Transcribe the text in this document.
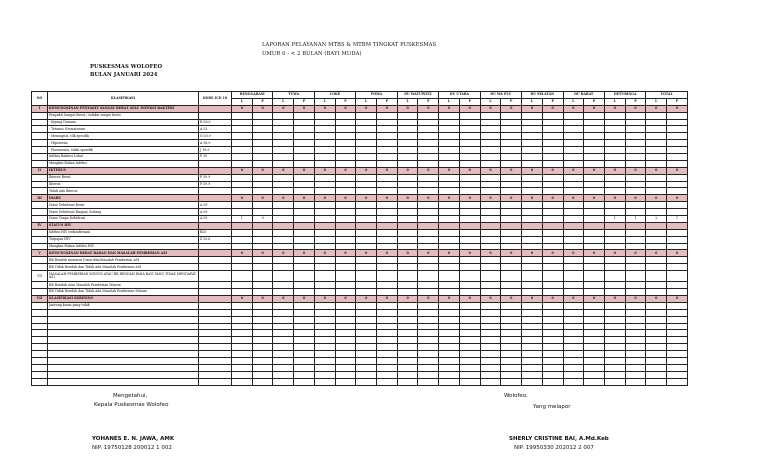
LAPORAN PELAYANAN MTBS & MTBM TINGKAT PUSKESMAS
UMUR 0 - < 2 BULAN (BAYI MUDA)
PUSKESMAS WOLOFEO
BULAN JANUARI 2024
NO	KLASIFIKASI	KODE ICD 10	RENGGARASI		TUWA		LOKE		POMA		DU WATUWETI		DU UTARA		DU WA PLU		DU SELATAN		DU BARAT		DETURINGA		TOTAL	
			L	P	L	P	L	P	L	P	L	P	L	P	L	P	L	P	L	P	L	P	L	P
I	KEMUNGKINAN PENYAKIT SANGAT BERAT ATAU INFEKSI BAKTERI		0	0	0	0	0	0	0	0	0	0	0	0	0	0	0	0	0	0	0	0	0	0
	Penyakit Sangat Berat / Infeksi sangat berat																							
	- Kejang Demam	R 56.0																						
	- Tetanus Neonatorum	A 33																						
	- Meningitis, tdk spesifik	G 03.9																						
	- Hipotermi	A 36.9																						
	- Pneumonia, tidak spesifik	J 18.9																						
	Infeksi Bakteri Lokal	P 39																						
	Mungkin Bukan Infeksi																							
II	IKTERUS		0	0	0	0	0	0	0	0	0	0	0	0	0	0	0	0	0	0	0	0	0	0
	Ikterus Berat	P 59.9																						
	Ikterus	P 59.9																						
	Tidak ada Ikterus																							
III	DIARE		0	0	0	0	0	0	0	0	0	0	0	0	0	0	0	0	0	0	0	0	0	0
	Diare Dehidrasi Berat	A 09																						
	Diare Dehidrasi Ringan/ Sedang	A 09																						
	Diare Tanpa Dehidrasi	A 09	1	0																	1	1	2	1
IV	STATUS HIV																							
	Infeksi HIV terkonfirmasi	B20																						
	Terpajan HIV	Z 20.6																						
	Mungkin Bukan Infeksi HIV																							
V	KEMUNGKINAN BERAT BADAN DAN MASALAH PEMBERIAN ASI		0	0	0	0	0	0	0	0	0	0	0	0	0	0	0	0	0	0	0	0	0	0
	BB Rendah menurut Umur dan/Masalah Pemberian ASI																							
	BB Tidak Rendah dan Tidak Ada Masalah Pemberian ASI																							
VII	MASALAH PEMBERIAN MINUM ATAU BB RENDAH PADA BAYI YANG TIDAK MENDAPAT ASI																							
	BB Rendah atau Masalah Pemberian Minum																							
	BB Tidak Rendah dan Tidak Ada Masalah Pemberian Minum																							
VII	KLASIFIKASI SKRINING		0	0	0	0	0	0	0	0	0	0	0	0	0	0	0	0	0	0	0	0	0	0
	Jantung kaum yang tidak																							

Mengetahui,
Kepala Puskesmas Wolofeo
YOHANES E. N. JAWA, AMK
NIP. 19750128 200012 1 002
Wolofeo,
Yang melapor
SHERLY CRISTINE BAI, A.Md.Keb
NIP. 19950330 202012 2 007
